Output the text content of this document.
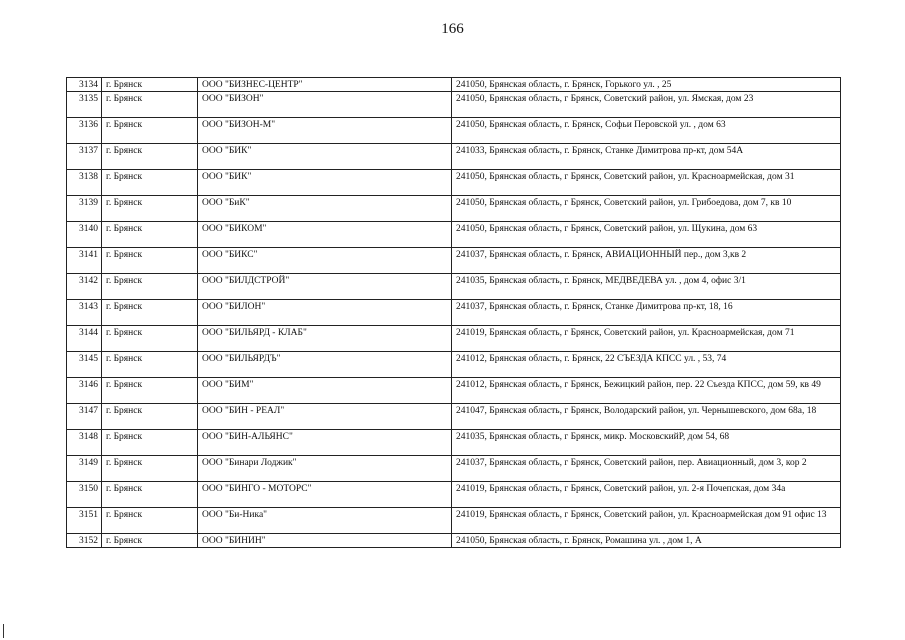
166
3134	г. Брянск	ООО "БИЗНЕС-ЦЕНТР"	241050, Брянская область, г. Брянск, Горького ул. , 25
3135	г. Брянск	ООО "БИЗОН"	241050, Брянская область, г Брянск, Советский район, ул. Ямская, дом 23
3136	г. Брянск	ООО "БИЗОН-М"	241050, Брянская область, г. Брянск, Софьи Перовской ул. , дом 63
3137	г. Брянск	ООО "БИК"	241033, Брянская область, г. Брянск, Станке Димитрова пр-кт, дом 54А
3138	г. Брянск	ООО "БИК"	241050, Брянская область, г Брянск, Советский район, ул. Красноармейская, дом 31
3139	г. Брянск	ООО "БиК"	241050, Брянская область, г Брянск, Советский район, ул. Грибоедова, дом 7, кв 10
3140	г. Брянск	ООО "БИКОМ"	241050, Брянская область, г Брянск, Советский район, ул. Щукина, дом 63
3141	г. Брянск	ООО "БИКС"	241037, Брянская область, г. Брянск, АВИАЦИОННЫЙ пер., дом 3,кв 2
3142	г. Брянск	ООО "БИЛДСТРОЙ"	241035, Брянская область, г. Брянск, МЕДВЕДЕВА ул. , дом 4, офис 3/1
3143	г. Брянск	ООО "БИЛОН"	241037, Брянская область, г. Брянск, Станке Димитрова пр-кт, 18, 16
3144	г. Брянск	ООО "БИЛЬЯРД - КЛАБ"	241019, Брянская область, г Брянск, Советский район, ул. Красноармейская, дом 71
3145	г. Брянск	ООО "БИЛЬЯРДЪ"	241012, Брянская область, г. Брянск, 22 СЪЕЗДА КПСС ул. , 53, 74
3146	г. Брянск	ООО "БИМ"	241012, Брянская область, г Брянск, Бежицкий район, пер. 22 Съезда КПСС, дом 59, кв 49
3147	г. Брянск	ООО "БИН - РЕАЛ"	241047, Брянская область, г Брянск, Володарский район, ул. Чернышевского, дом 68а, 18
3148	г. Брянск	ООО "БИН-АЛЬЯНС"	241035, Брянская область, г Брянск, микр. МосковскийР, дом 54, 68
3149	г. Брянск	ООО "Бинари Лоджик"	241037, Брянская область, г Брянск, Советский район, пер. Авиационный, дом 3, кор 2
3150	г. Брянск	ООО "БИНГО - МОТОРС"	241019, Брянская область, г Брянск, Советский район, ул. 2-я Почепская, дом 34а
3151	г. Брянск	ООО "Би-Ника"	241019, Брянская область, г Брянск, Советский район, ул. Красноармейская дом 91 офис 13
3152	г. Брянск	ООО "БИНИН"	241050, Брянская область, г. Брянск, Ромашина ул. , дом 1, А
